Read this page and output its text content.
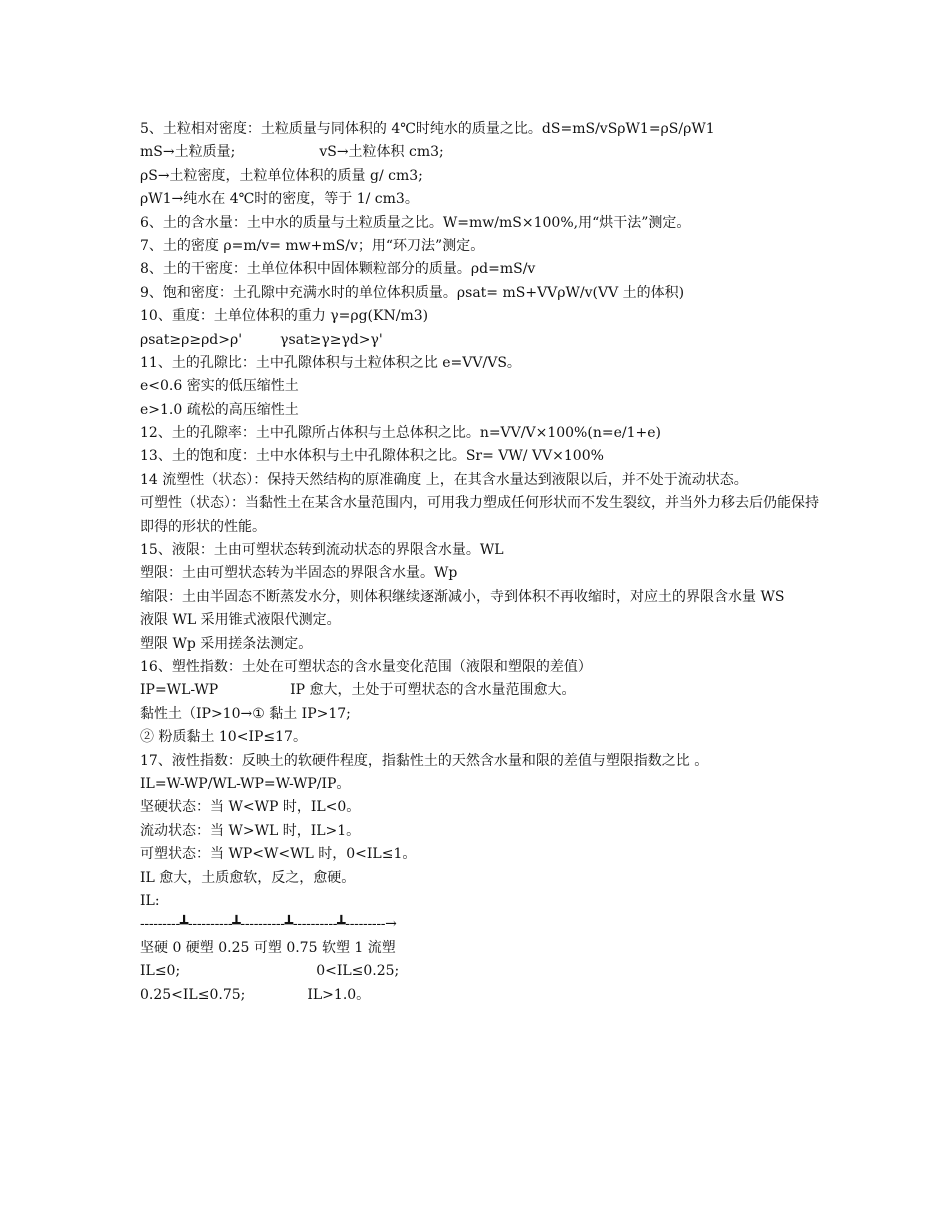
5、土粒相对密度：土粒质量与同体积的 4℃时纯水的质量之比。dS=mS/vSρW1=ρS/ρW1
mS→土粒质量;	vS→土粒体积 cm3;
ρS→土粒密度，土粒单位体积的质量 g/ cm3;
ρW1→纯水在 4℃时的密度，等于 1/ cm3。
6、土的含水量：土中水的质量与土粒质量之比。W=mw/mS×100%,用“烘干法”测定。
7、土的密度 ρ=m/v= mw+mS/v；用“环刀法”测定。
8、土的干密度：土单位体积中固体颗粒部分的质量。ρd=mS/v
9、饱和密度：土孔隙中充满水时的单位体积质量。ρsat= mS+VVρW/v(VV 土的体积)
10、重度：土单位体积的重力 γ=ρg(KN/m3)
ρsat≥ρ≥ρd>ρ'	γsat≥γ≥γd>γ'
11、土的孔隙比：土中孔隙体积与土粒体积之比 e=VV/VS。
e<0.6 密实的低压缩性土
e>1.0 疏松的高压缩性土
12、土的孔隙率：土中孔隙所占体积与土总体积之比。n=VV/V×100%(n=e/1+e)
13、土的饱和度：土中水体积与土中孔隙体积之比。Sr= VW/ VV×100%
14 流塑性（状态）：保持天然结构的原准确度 上，在其含水量达到液限以后，并不处于流动状态。
可塑性（状态）：当黏性土在某含水量范围内，可用我力塑成任何形状而不发生裂纹，并当外力移去后仍能保持即得的形状的性能。
15、液限：土由可塑状态转到流动状态的界限含水量。WL
塑限：土由可塑状态转为半固态的界限含水量。Wp
缩限：土由半固态不断蒸发水分，则体积继续逐渐减小，寺到体积不再收缩时，对应土的界限含水量 WS
液限 WL 采用锥式液限代测定。
塑限 Wp 采用搓条法测定。
16、塑性指数：土处在可塑状态的含水量变化范围（液限和塑限的差值）
IP=WL-WP	IP 愈大，土处于可塑状态的含水量范围愈大。
黏性土（IP>10→① 黏土 IP>17;
② 粉质黏土 10<IP≤17。
17、液性指数：反映土的软硬件程度，指黏性土的天然含水量和限的差值与塑限指数之比 。
IL=W-WP/WL-WP=W-WP/IP。
坚硬状态：当 W<WP 时，IL<0。
流动状态：当 W>WL 时，IL>1。
可塑状态：当 WP<W<WL 时，0<IL≤1。
IL 愈大，土质愈软，反之，愈硬。
IL:
---------┻----------┻----------┻----------┻---------→
坚硬 0 硬塑 0.25 可塑 0.75 软塑 1 流塑
IL≤0;	0<IL≤0.25;
0.25<IL≤0.75;	IL>1.0。
